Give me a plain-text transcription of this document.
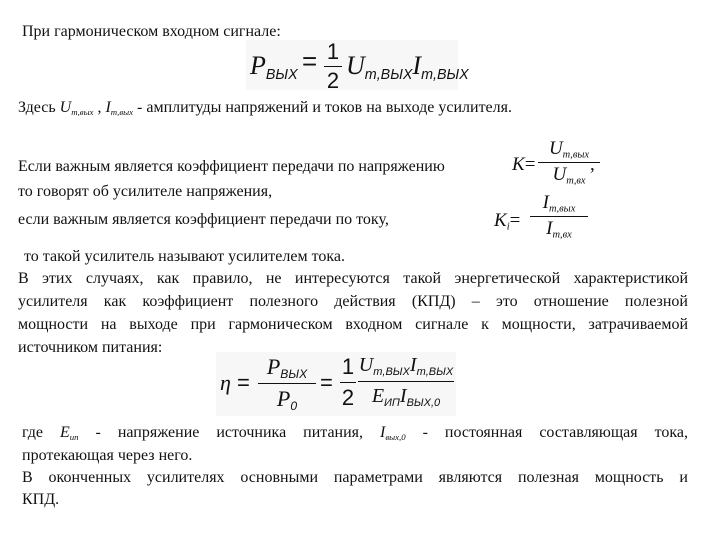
При гармоническом входном сигнале:
$P_{ВЫХ} = 1$
2
$U_{m,ВЫХ}I_{m,ВЫХ}$
Здесь $U_{m,вых}$ , $I_{m,вых}$ - амплитуды напряжений и токов на выходе усилителя.
Если важным является коэффициент передачи по напряжению
то говорят об усилителе напряжения,
K=
$U_{m,вых}$
$U_{m,вх}$
,
если важным является коэффициент передачи по току,	$K_i=$
$I_{m,вых}$
$I_{m,вх}$
то такой усилитель называют усилителем тока.
В этих случаях, как правило, не интересуются такой энергетической характеристикой
усилителя как коэффициент полезного действия (КПД) – это отношение полезной
мощности на выходе при гармоническом входном сигнале к мощности, затрачиваемой
источником питания:
η =
$P_{ВЫХ}$
$P_0$
=
1
2
$U_{m,ВЫХ}I_{m,ВЫХ}$
$E_{ИП}I_{ВЫХ,0}$
где $E_{ип}$ - напряжение источника питания, $I_{вых,0}$ - постоянная составляющая тока,
протекающая через него.
В оконченных усилителях основными параметрами являются полезная мощность и
КПД.
